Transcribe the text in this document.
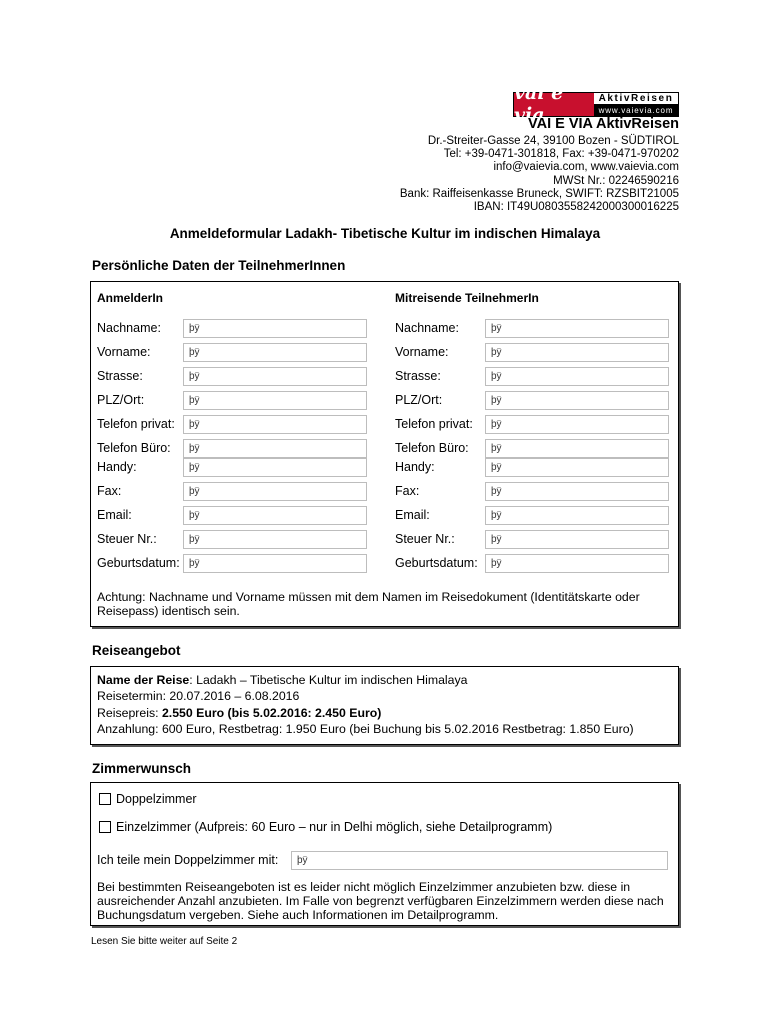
vai e via
AktivReisen
www.vaievia.com
VAI E VIA AktivReisen
Dr.-Streiter-Gasse 24, 39100 Bozen - SÜDTIROL
Tel: +39-0471-301818, Fax: +39-0471-970202
info@vaievia.com, www.vaievia.com
MWSt Nr.: 02246590216
Bank: Raiffeisenkasse Bruneck, SWIFT: RZSBIT21005
IBAN: IT49U0803558242000300016225
Anmeldeformular Ladakh- Tibetische Kultur im indischen Himalaya
Persönliche Daten der TeilnehmerInnen
AnmelderIn	Mitreisende TeilnehmerIn
Nachname:
Vorname:
Strasse:
PLZ/Ort:
Telefon privat:
Telefon Büro:
Handy:
Fax:
Email:
Steuer Nr.:
Geburtsdatum:
þÿ
þÿ
þÿ
þÿ
þÿ
þÿ
þÿ
þÿ
þÿ
þÿ
þÿ
Nachname:
Vorname:
Strasse:
PLZ/Ort:
Telefon privat:
Telefon Büro:
Handy:
Fax:
Email:
Steuer Nr.:
Geburtsdatum:
þÿ
þÿ
þÿ
þÿ
þÿ
þÿ
þÿ
þÿ
þÿ
þÿ
þÿ
Achtung: Nachname und Vorname müssen mit dem Namen im Reisedokument (Identitätskarte oder Reisepass) identisch sein.
Reiseangebot
Name der Reise: Ladakh – Tibetische Kultur im indischen Himalaya
Reisetermin: 20.07.2016 – 6.08.2016
Reisepreis: 2.550 Euro (bis 5.02.2016: 2.450 Euro)
Anzahlung: 600 Euro, Restbetrag: 1.950 Euro (bei Buchung bis 5.02.2016 Restbetrag: 1.850 Euro)
Zimmerwunsch
Doppelzimmer
Einzelzimmer (Aufpreis: 60 Euro – nur in Delhi möglich, siehe Detailprogramm)
Ich teile mein Doppelzimmer mit:	þÿ
Bei bestimmten Reiseangeboten ist es leider nicht möglich Einzelzimmer anzubieten bzw. diese in ausreichender Anzahl anzubieten. Im Falle von begrenzt verfügbaren Einzelzimmern werden diese nach Buchungsdatum vergeben. Siehe auch Informationen im Detailprogramm.
Lesen Sie bitte weiter auf Seite 2
